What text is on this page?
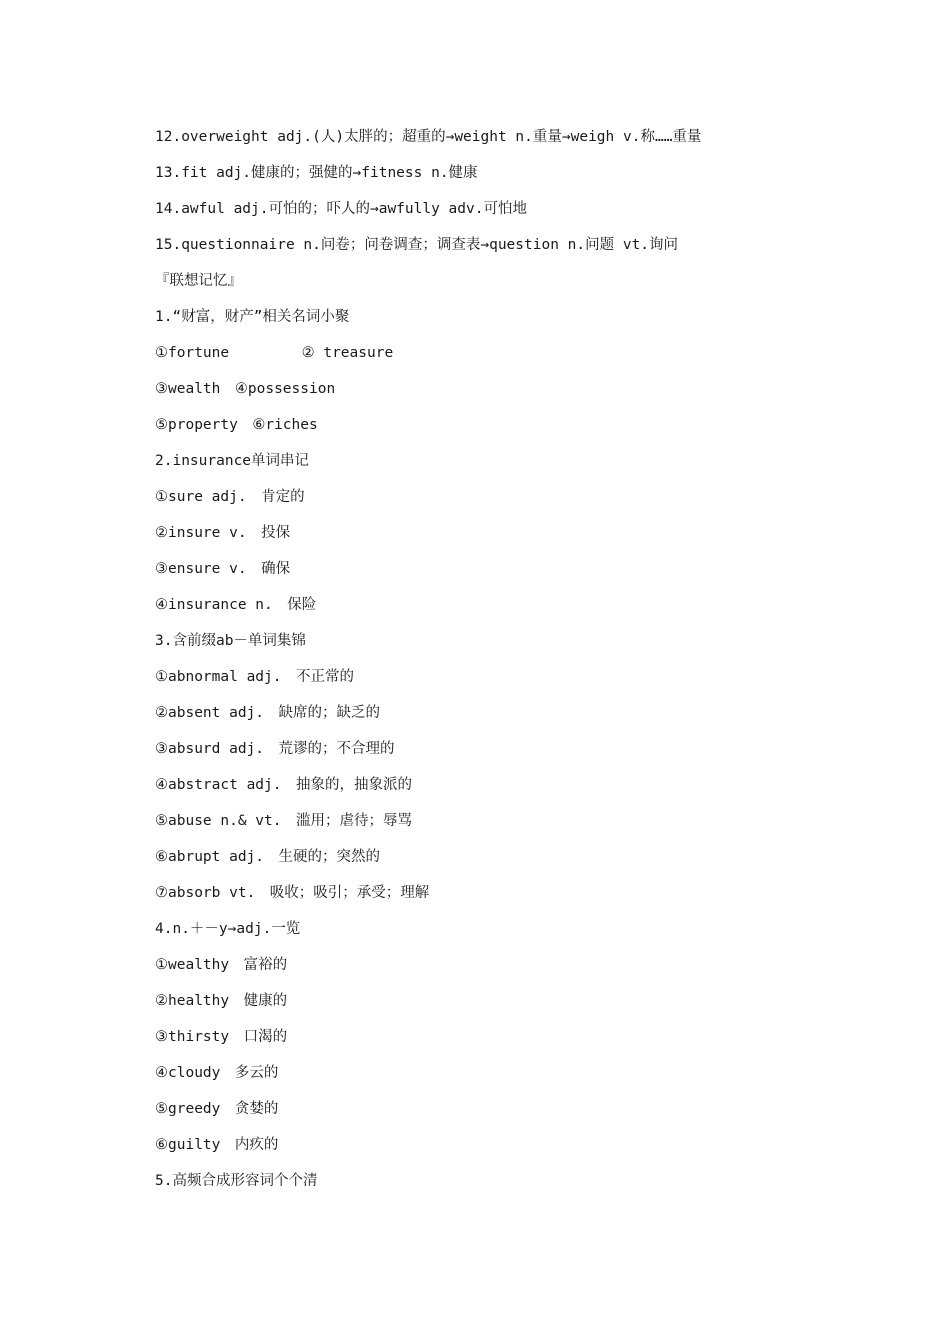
12.overweight adj.(人)太胖的；超重的→weight n.重量→weigh v.称……重量
13.fit adj.健康的；强健的→fitness n.健康
14.awful adj.可怕的；吓人的→awfully adv.可怕地
15.questionnaire n.问卷；问卷调查；调查表→question n.问题 vt.询问
『联想记忆』
1.“财富，财产”相关名词小聚
①fortune　　　　　② treasure
③wealth　④possession
⑤property　⑥riches
2.insurance单词串记
①sure adj.　肯定的
②insure v.　投保
③ensure v.　确保
④insurance n.　保险
3.含前缀ab－单词集锦
①abnormal adj.　不正常的
②absent adj.　缺席的；缺乏的
③absurd adj.　荒谬的；不合理的
④abstract adj.　抽象的，抽象派的
⑤abuse n.& vt.　滥用；虐待；辱骂
⑥abrupt adj.　生硬的；突然的
⑦absorb vt.　吸收；吸引；承受；理解
4.n.＋－y→adj.一览
①wealthy　富裕的
②healthy　健康的
③thirsty　口渴的
④cloudy　多云的
⑤greedy　贪婪的
⑥guilty　内疚的
5.高频合成形容词个个清
